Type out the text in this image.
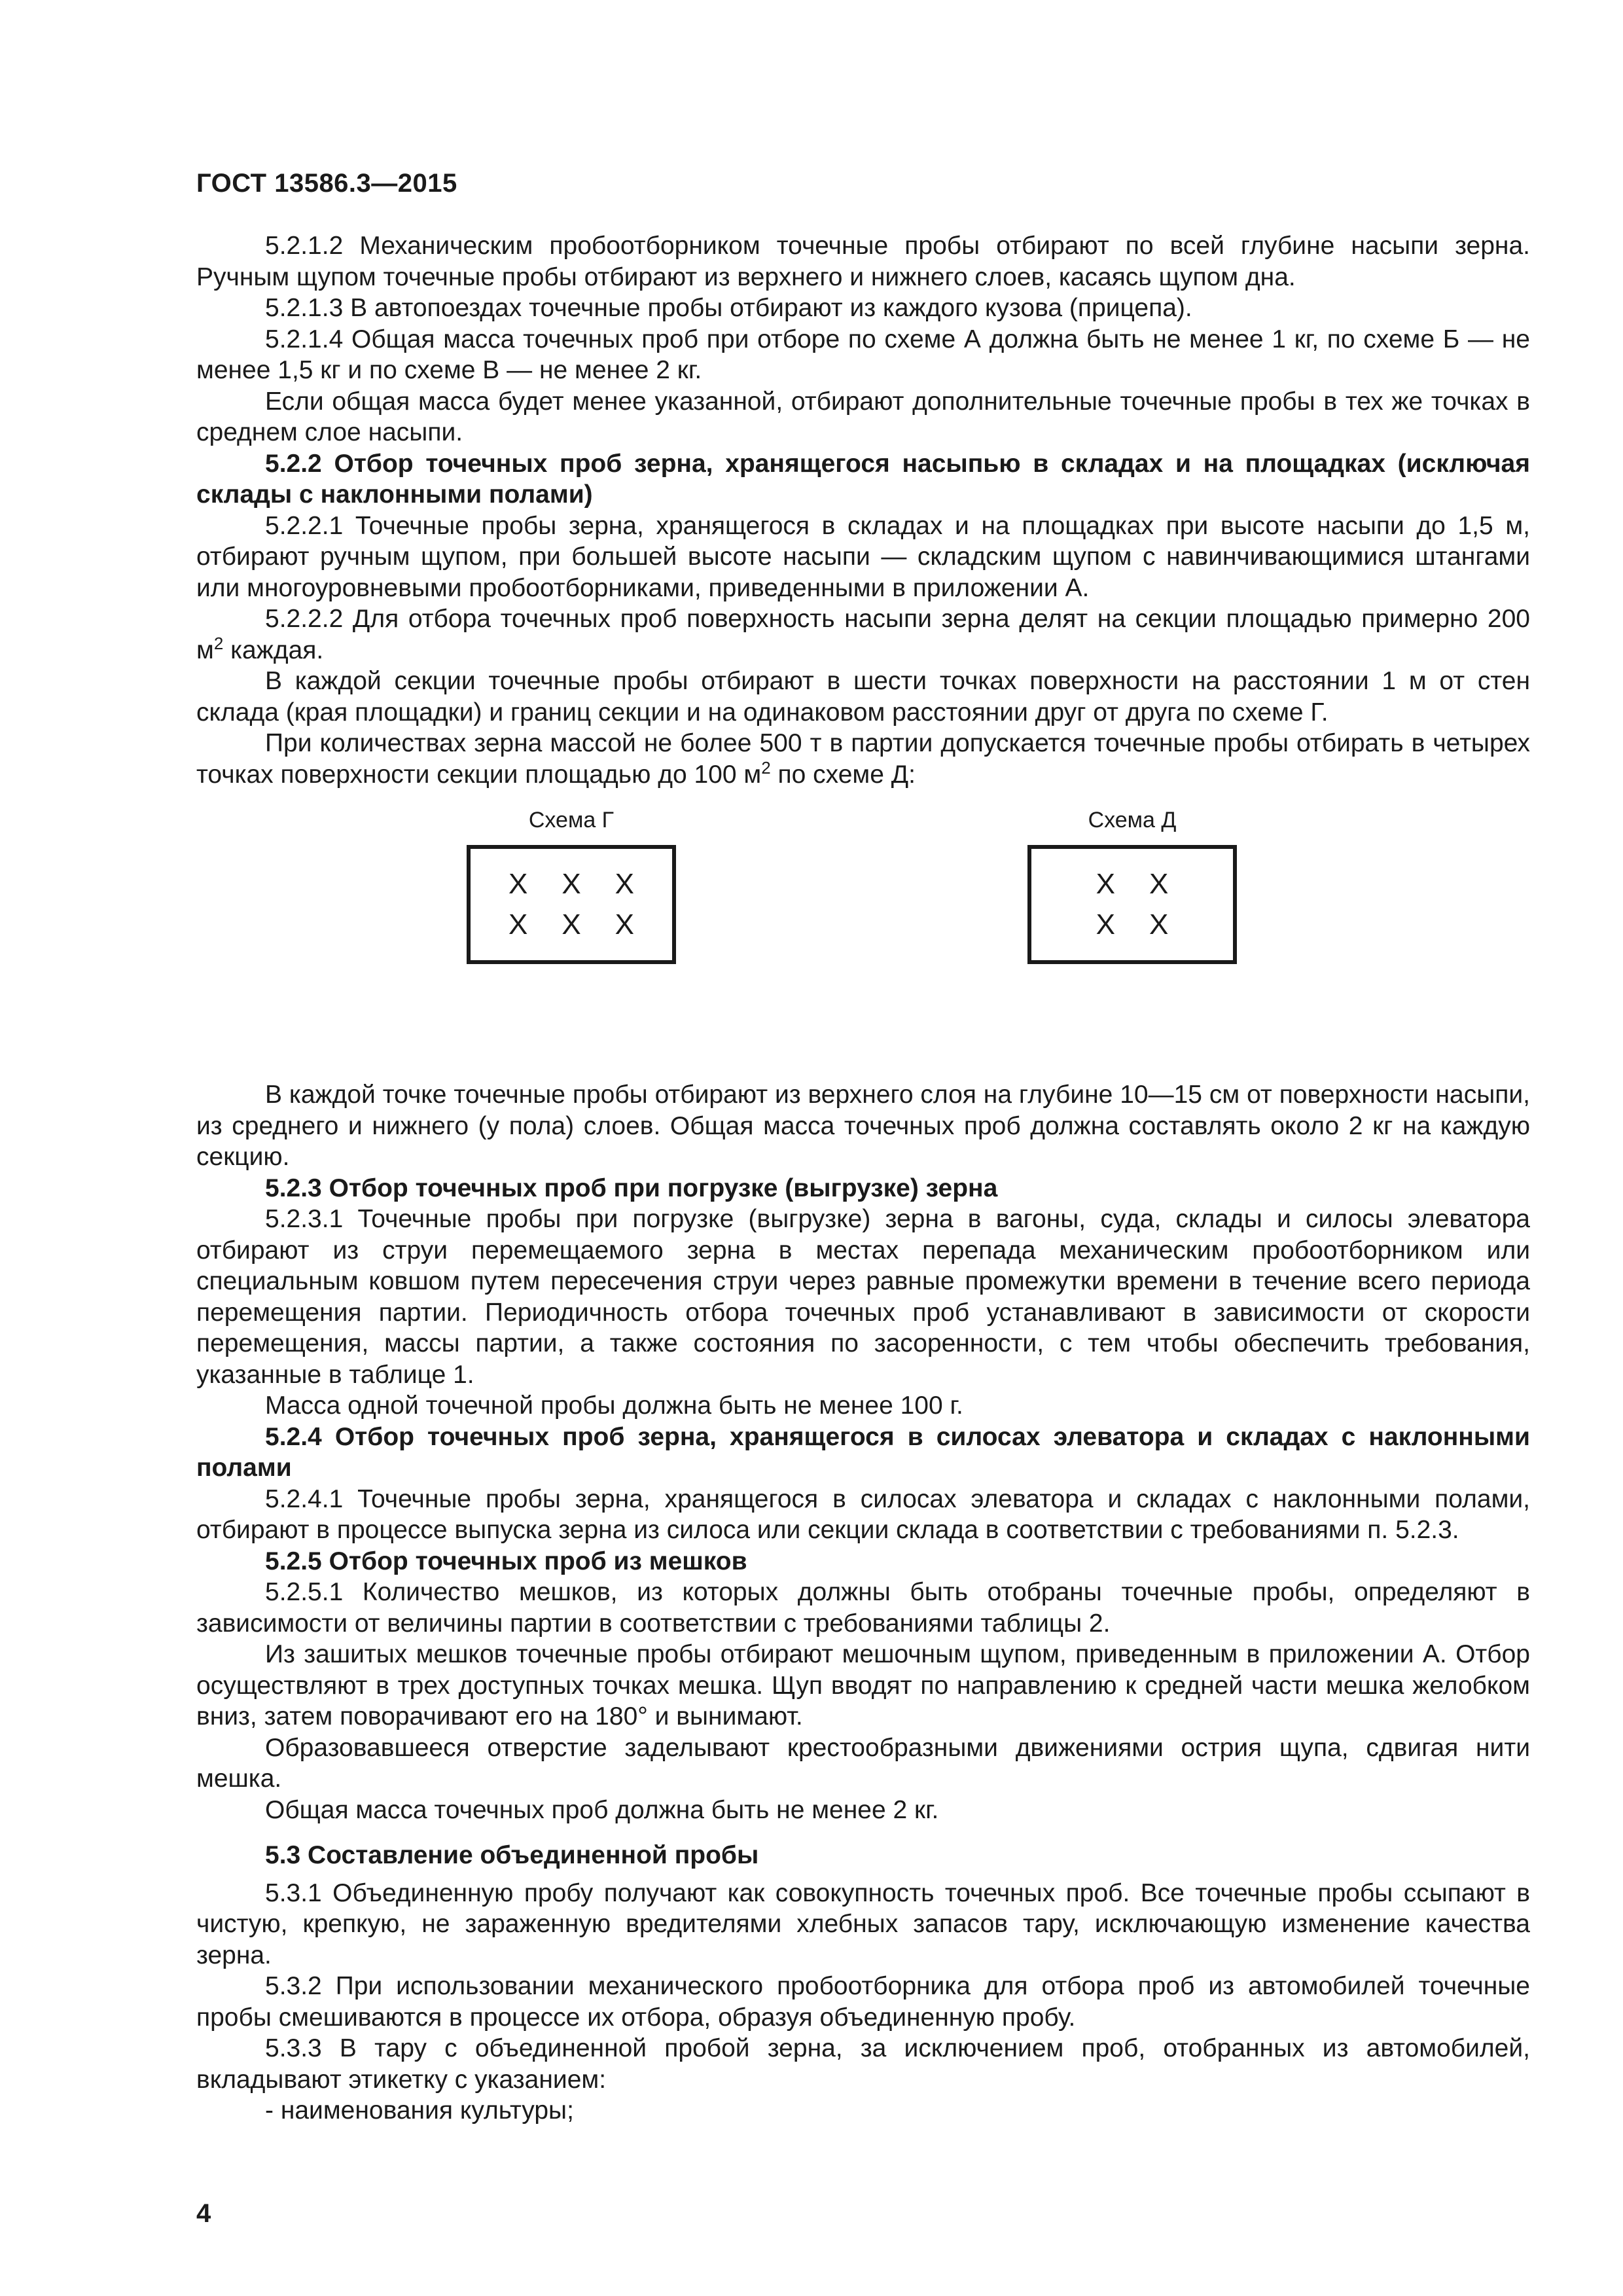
ГОСТ 13586.3—2015

5.2.1.2 Механическим пробоотборником точечные пробы отбирают по всей глубине насыпи зерна. Ручным щупом точечные пробы отбирают из верхнего и нижнего слоев, касаясь щупом дна.

5.2.1.3 В автопоездах точечные пробы отбирают из каждого кузова (прицепа).

5.2.1.4 Общая масса точечных проб при отборе по схеме А должна быть не менее 1 кг, по схеме Б — не менее 1,5 кг и по схеме В — не менее 2 кг.

Если общая масса будет менее указанной, отбирают дополнительные точечные пробы в тех же точках в среднем слое насыпи.

5.2.2 Отбор точечных проб зерна, хранящегося насыпью в складах и на площадках (исключая склады с наклонными полами)

5.2.2.1 Точечные пробы зерна, хранящегося в складах и на площадках при высоте насыпи до 1,5 м, отбирают ручным щупом, при большей высоте насыпи — складским щупом с навинчивающимися штангами или многоуровневыми пробоотборниками, приведенными в приложении А.

5.2.2.2 Для отбора точечных проб поверхность насыпи зерна делят на секции площадью примерно 200 $м^2$ каждая.

В каждой секции точечные пробы отбирают в шести точках поверхности на расстоянии 1 м от стен склада (края площадки) и границ секции и на одинаковом расстоянии друг от друга по схеме Г.

При количествах зерна массой не более 500 т в партии допускается точечные пробы отбирать в четырех точках поверхности секции площадью до 100 $м^2$ по схеме Д:

Схема Г
X X X
X X X
Схема Д
X X
X X

В каждой точке точечные пробы отбирают из верхнего слоя на глубине 10—15 см от поверхности насыпи, из среднего и нижнего (у пола) слоев. Общая масса точечных проб должна составлять около 2 кг на каждую секцию.

5.2.3 Отбор точечных проб при погрузке (выгрузке) зерна

5.2.3.1 Точечные пробы при погрузке (выгрузке) зерна в вагоны, суда, склады и силосы элеватора отбирают из струи перемещаемого зерна в местах перепада механическим пробоотборником или специальным ковшом путем пересечения струи через равные промежутки времени в течение всего периода перемещения партии. Периодичность отбора точечных проб устанавливают в зависимости от скорости перемещения, массы партии, а также состояния по засоренности, с тем чтобы обеспечить требования, указанные в таблице 1.

Масса одной точечной пробы должна быть не менее 100 г.

5.2.4 Отбор точечных проб зерна, хранящегося в силосах элеватора и складах с наклонными полами

5.2.4.1 Точечные пробы зерна, хранящегося в силосах элеватора и складах с наклонными полами, отбирают в процессе выпуска зерна из силоса или секции склада в соответствии с требованиями п. 5.2.3.

5.2.5 Отбор точечных проб из мешков

5.2.5.1 Количество мешков, из которых должны быть отобраны точечные пробы, определяют в зависимости от величины партии в соответствии с требованиями таблицы 2.

Из зашитых мешков точечные пробы отбирают мешочным щупом, приведенным в приложении А. Отбор осуществляют в трех доступных точках мешка. Щуп вводят по направлению к средней части мешка желобком вниз, затем поворачивают его на 180° и вынимают.

Образовавшееся отверстие заделывают крестообразными движениями острия щупа, сдвигая нити мешка.

Общая масса точечных проб должна быть не менее 2 кг.

5.3 Составление объединенной пробы

5.3.1 Объединенную пробу получают как совокупность точечных проб. Все точечные пробы ссыпают в чистую, крепкую, не зараженную вредителями хлебных запасов тару, исключающую изменение качества зерна.

5.3.2 При использовании механического пробоотборника для отбора проб из автомобилей точечные пробы смешиваются в процессе их отбора, образуя объединенную пробу.

5.3.3 В тару с объединенной пробой зерна, за исключением проб, отобранных из автомобилей, вкладывают этикетку с указанием:

- наименования культуры;

4
